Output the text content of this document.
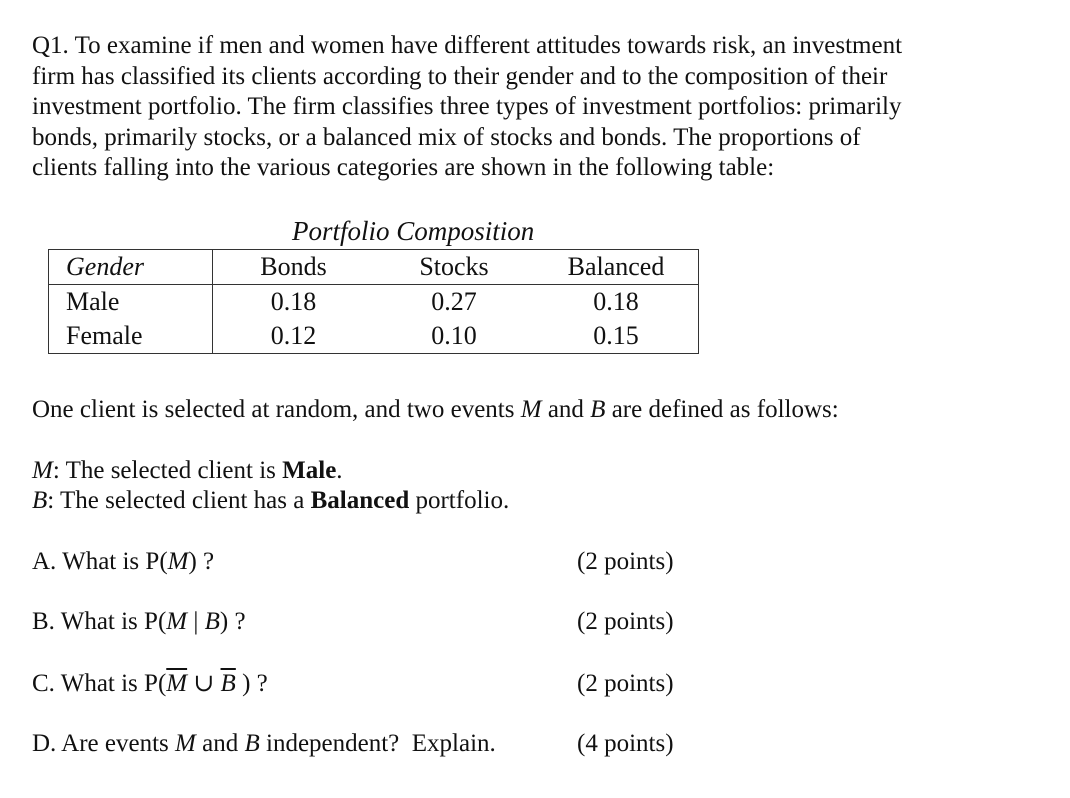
Q1. To examine if men and women have different attitudes towards risk, an investment
firm has classified its clients according to their gender and to the composition of their
investment portfolio. The firm classifies three types of investment portfolios: primarily
bonds, primarily stocks, or a balanced mix of stocks and bonds. The proportions of
clients falling into the various categories are shown in the following table:

Portfolio Composition
Gender	Bonds	Stocks	Balanced
Male	0.18	0.27	0.18
Female	0.12	0.10	0.15
One client is selected at random, and two events M and B are defined as follows:
M: The selected client is Male.
B: The selected client has a Balanced portfolio.
A. What is P(M) ?	(2 points)
B. What is P(M | B) ?	(2 points)
C. What is $P(\overline{M}$ ∪ $\overline{B}$ ) ?	(2 points)
D. Are events M and B independent?  Explain.	(4 points)
